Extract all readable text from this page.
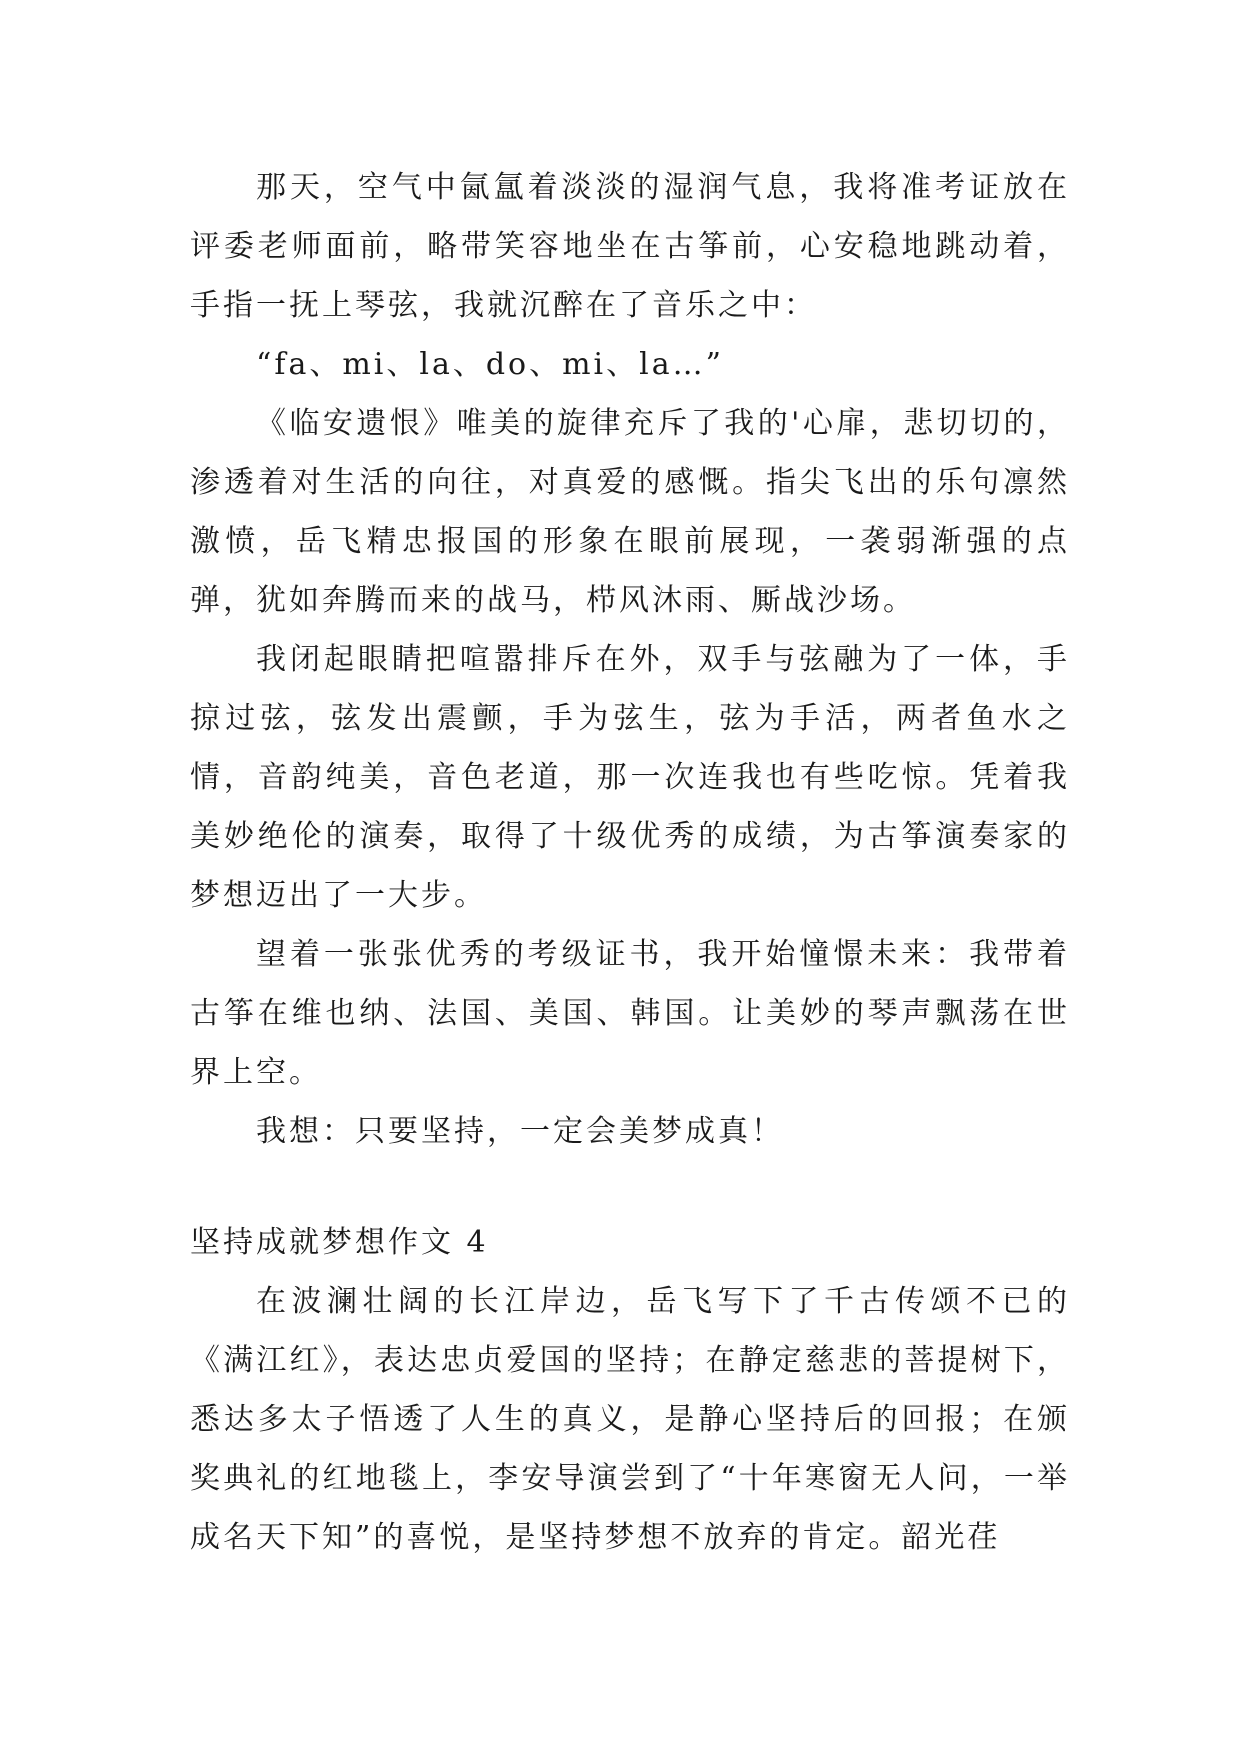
那天，空气中氤氲着淡淡的湿润气息，我将准考证放在评委老师面前，略带笑容地坐在古筝前，心安稳地跳动着，手指一抚上琴弦，我就沉醉在了音乐之中：

“fa、mi、la、do、mi、la…”

《临安遗恨》唯美的旋律充斥了我的'心扉，悲切切的，渗透着对生活的向往，对真爱的感慨。指尖飞出的乐句凛然激愤，岳飞精忠报国的形象在眼前展现，一袭弱渐强的点弹，犹如奔腾而来的战马，栉风沐雨、厮战沙场。

我闭起眼睛把喧嚣排斥在外，双手与弦融为了一体，手掠过弦，弦发出震颤，手为弦生，弦为手活，两者鱼水之情，音韵纯美，音色老道，那一次连我也有些吃惊。凭着我美妙绝伦的演奏，取得了十级优秀的成绩，为古筝演奏家的梦想迈出了一大步。

望着一张张优秀的考级证书，我开始憧憬未来：我带着古筝在维也纳、法国、美国、韩国。让美妙的琴声飘荡在世界上空。

我想：只要坚持，一定会美梦成真！

坚持成就梦想作文 4

在波澜壮阔的长江岸边，岳飞写下了千古传颂不已的《满江红》，表达忠贞爱国的坚持；在静定慈悲的菩提树下，悉达多太子悟透了人生的真义，是静心坚持后的回报；在颁奖典礼的红地毯上，李安导演尝到了“十年寒窗无人问，一举成名天下知”的喜悦，是坚持梦想不放弃的肯定。韶光荏
